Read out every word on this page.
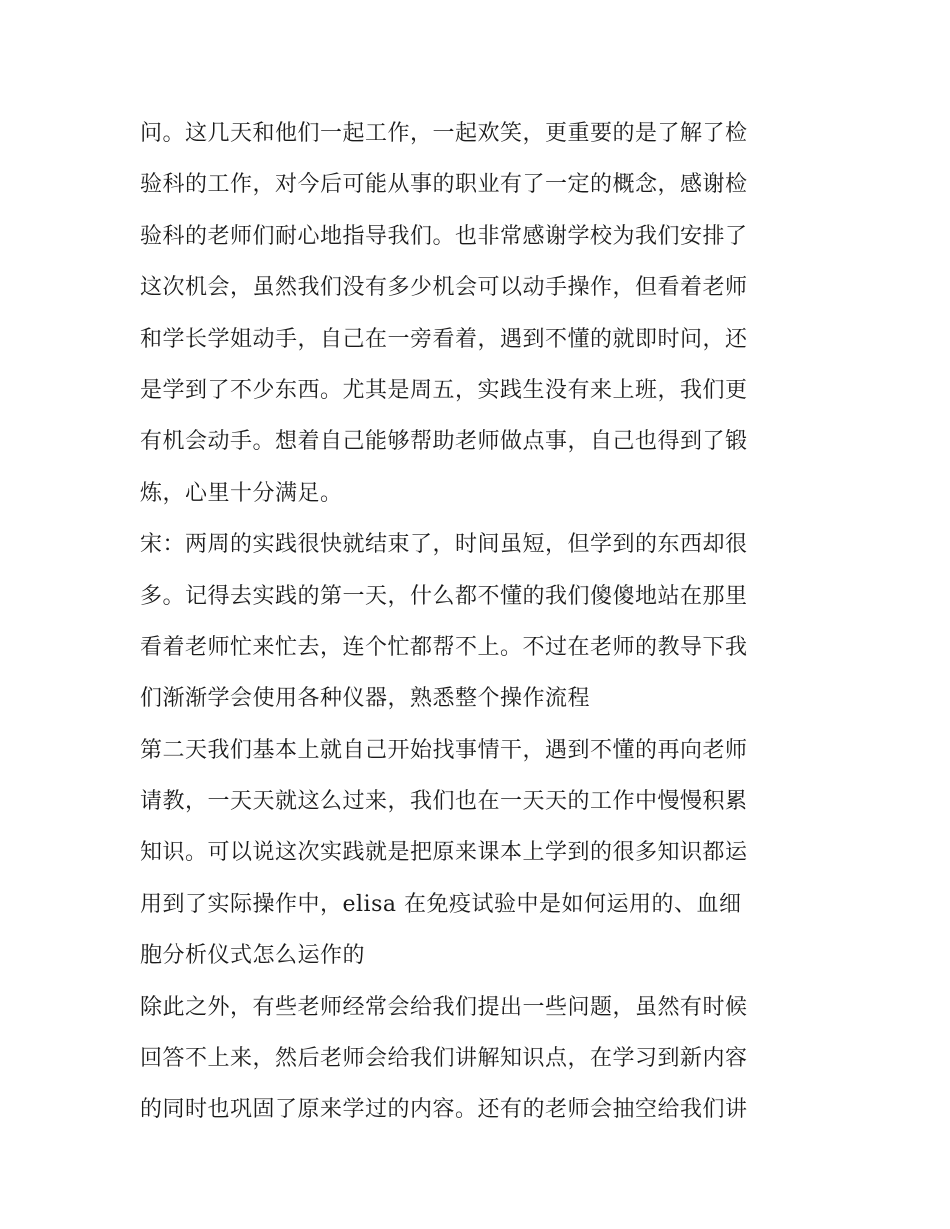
问。这几天和他们一起工作，一起欢笑，更重要的是了解了检
验科的工作，对今后可能从事的职业有了一定的概念，感谢检
验科的老师们耐心地指导我们。也非常感谢学校为我们安排了
这次机会，虽然我们没有多少机会可以动手操作，但看着老师
和学长学姐动手，自己在一旁看着，遇到不懂的就即时问，还
是学到了不少东西。尤其是周五，实践生没有来上班，我们更
有机会动手。想着自己能够帮助老师做点事，自己也得到了锻
炼，心里十分满足。
宋：两周的实践很快就结束了，时间虽短，但学到的东西却很
多。记得去实践的第一天，什么都不懂的我们傻傻地站在那里
看着老师忙来忙去，连个忙都帮不上。不过在老师的教导下我
们渐渐学会使用各种仪器，熟悉整个操作流程
第二天我们基本上就自己开始找事情干，遇到不懂的再向老师
请教，一天天就这么过来，我们也在一天天的工作中慢慢积累
知识。可以说这次实践就是把原来课本上学到的很多知识都运
用到了实际操作中，elisa 在免疫试验中是如何运用的、血细
胞分析仪式怎么运作的
除此之外，有些老师经常会给我们提出一些问题，虽然有时候
回答不上来，然后老师会给我们讲解知识点，在学习到新内容
的同时也巩固了原来学过的内容。还有的老师会抽空给我们讲
